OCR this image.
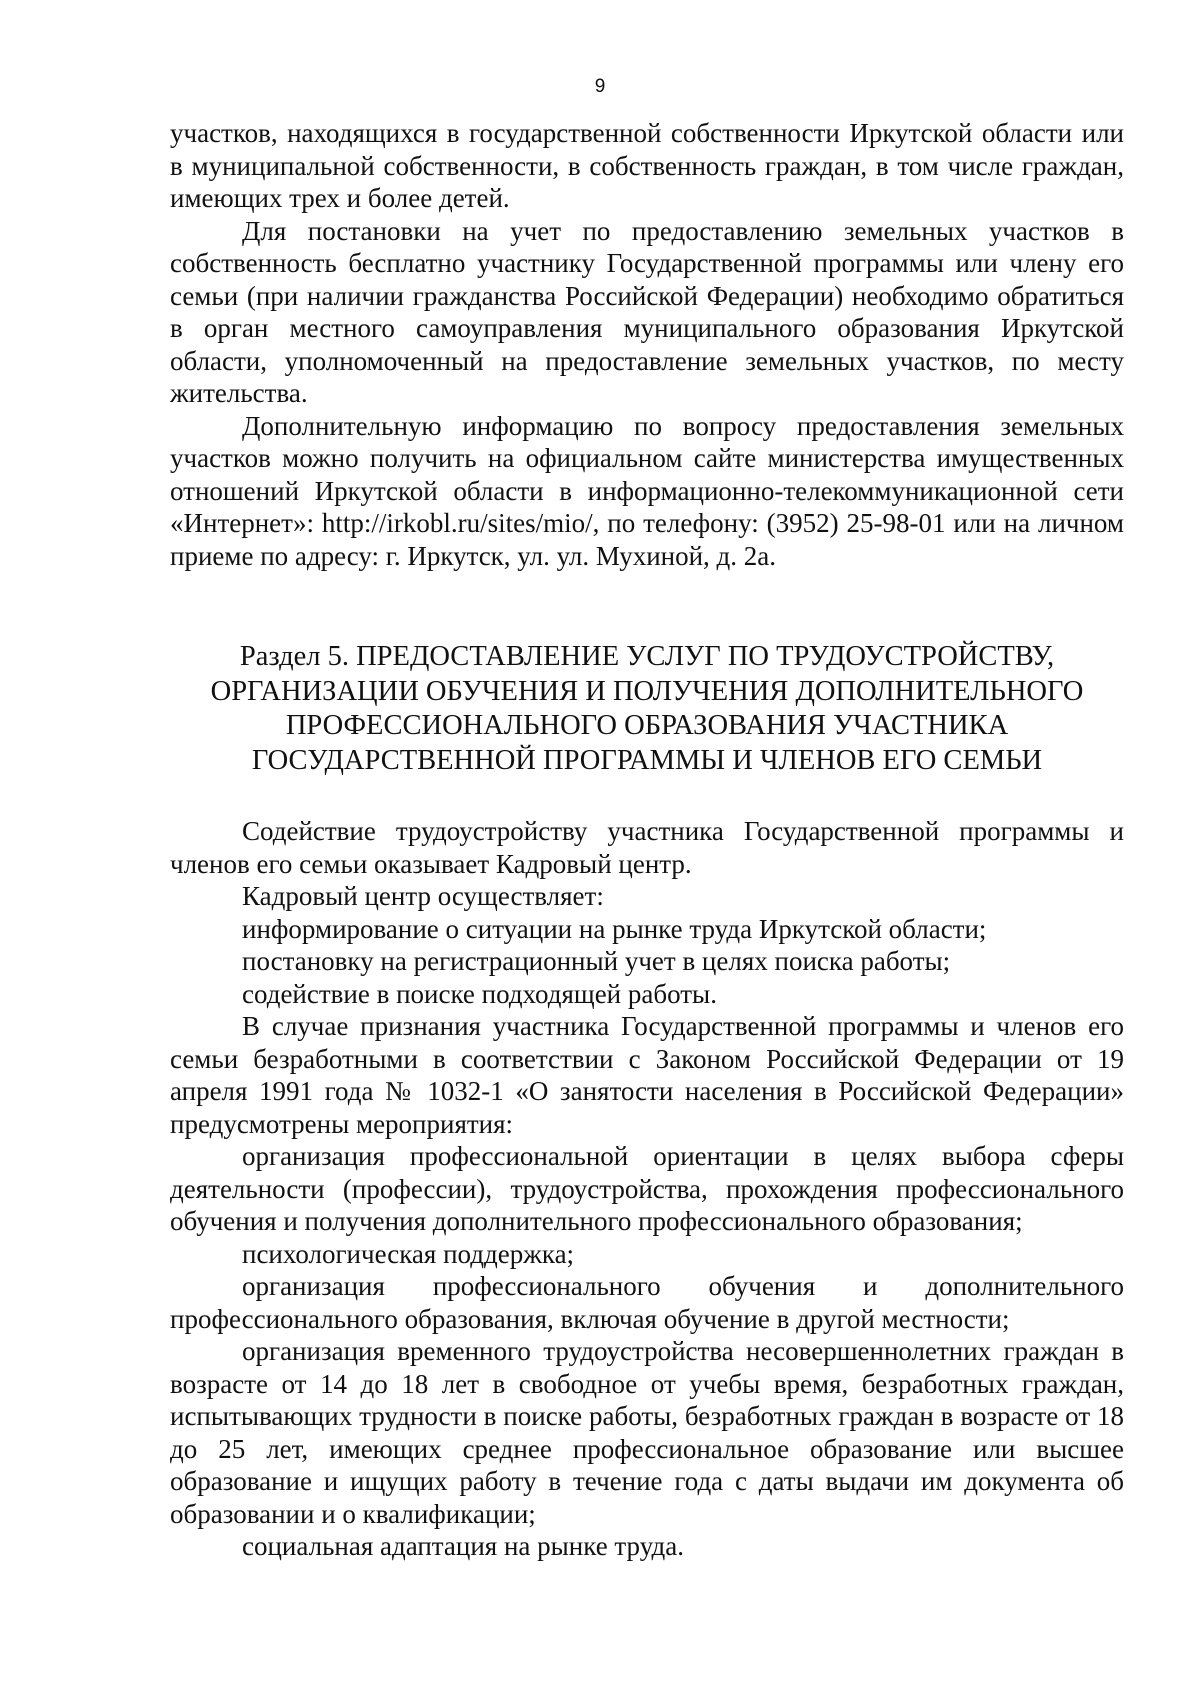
9

участков, находящихся в государственной собственности Иркутской области или в муниципальной собственности, в собственность граждан, в том числе граждан, имеющих трех и более детей.

Для постановки на учет по предоставлению земельных участков в собственность бесплатно участнику Государственной программы или члену его семьи (при наличии гражданства Российской Федерации) необходимо обратиться в орган местного самоуправления муниципального образования Иркутской области, уполномоченный на предоставление земельных участков, по месту жительства.

Дополнительную информацию по вопросу предоставления земельных участков можно получить на официальном сайте министерства имущественных отношений Иркутской области в информационно-телекоммуникационной сети «Интернет»: http://irkobl.ru/sites/mio/, по телефону: (3952) 25-98-01 или на личном приеме по адресу: г. Иркутск, ул. ул. Мухиной, д. 2а.

Раздел 5. ПРЕДОСТАВЛЕНИЕ УСЛУГ ПО ТРУДОУСТРОЙСТВУ,
ОРГАНИЗАЦИИ ОБУЧЕНИЯ И ПОЛУЧЕНИЯ ДОПОЛНИТЕЛЬНОГО
ПРОФЕССИОНАЛЬНОГО ОБРАЗОВАНИЯ УЧАСТНИКА
ГОСУДАРСТВЕННОЙ ПРОГРАММЫ И ЧЛЕНОВ ЕГО СЕМЬИ

Содействие трудоустройству участника Государственной программы и членов его семьи оказывает Кадровый центр.

Кадровый центр осуществляет:

информирование о ситуации на рынке труда Иркутской области;

постановку на регистрационный учет в целях поиска работы;

содействие в поиске подходящей работы.

В случае признания участника Государственной программы и членов его семьи безработными в соответствии с Законом Российской Федерации от 19 апреля 1991 года № 1032-1 «О занятости населения в Российской Федерации» предусмотрены мероприятия:

организация профессиональной ориентации в целях выбора сферы деятельности (профессии), трудоустройства, прохождения профессионального обучения и получения дополнительного профессионального образования;

психологическая поддержка;

организация профессионального обучения и дополнительного профессионального образования, включая обучение в другой местности;

организация временного трудоустройства несовершеннолетних граждан в возрасте от 14 до 18 лет в свободное от учебы время, безработных граждан, испытывающих трудности в поиске работы, безработных граждан в возрасте от 18 до 25 лет, имеющих среднее профессиональное образование или высшее образование и ищущих работу в течение года с даты выдачи им документа об образовании и о квалификации;

социальная адаптация на рынке труда.
